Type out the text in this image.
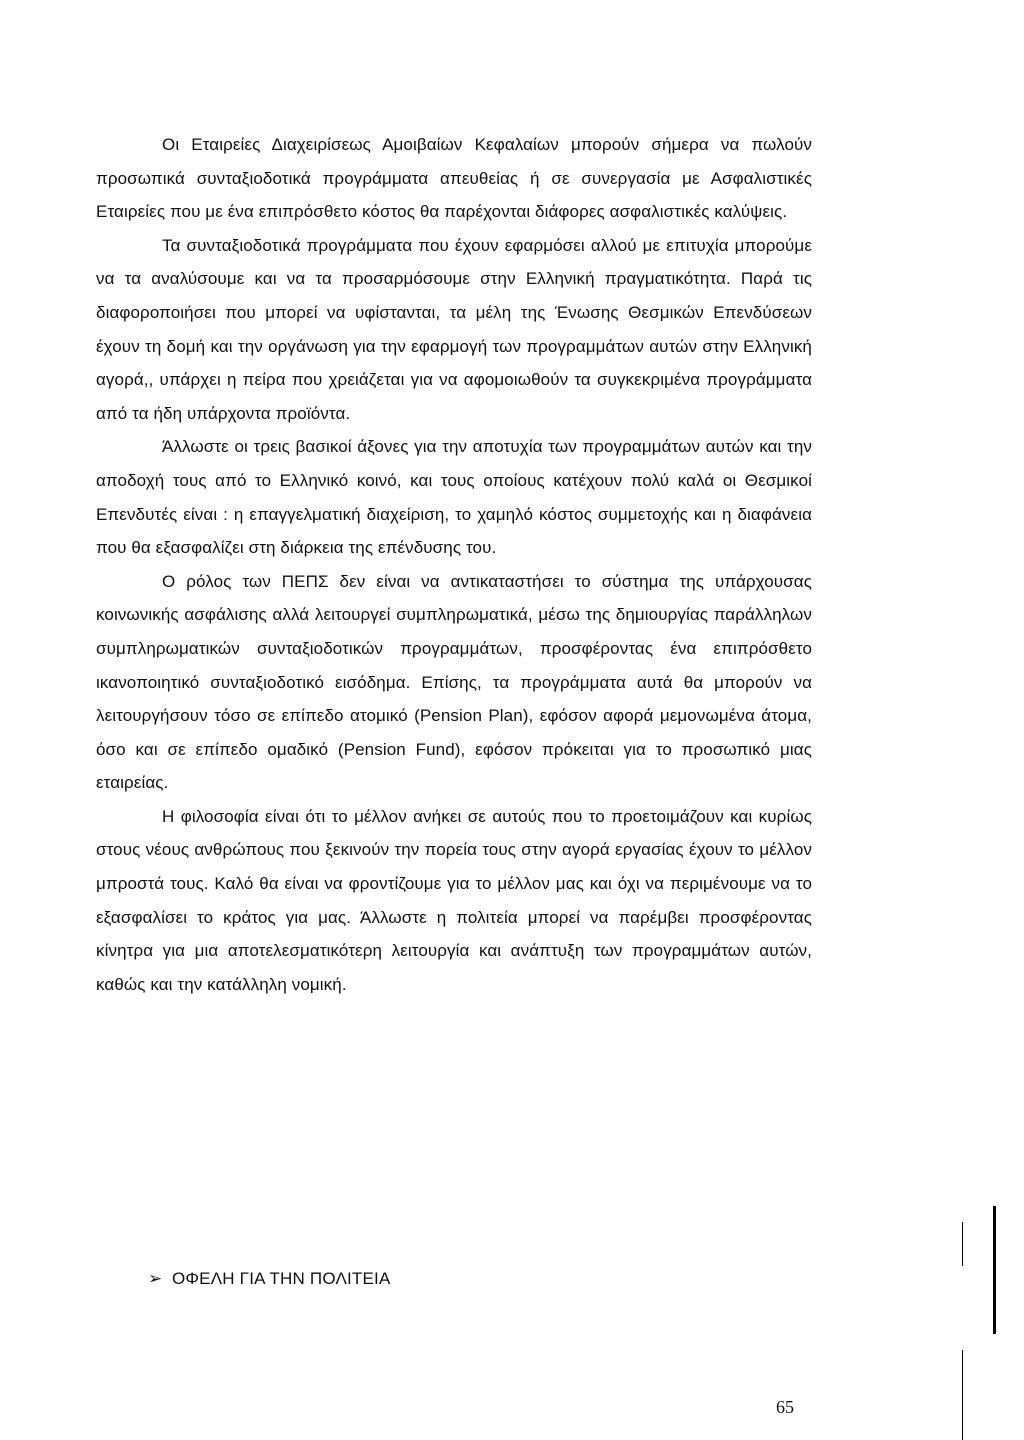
Οι Εταιρείες Διαχειρίσεως Αμοιβαίων Κεφαλαίων μπορούν σήμερα να πωλούν προσωπικά συνταξιοδοτικά προγράμματα απευθείας ή σε συνεργασία με Ασφαλιστικές Εταιρείες που με ένα επιπρόσθετο κόστος θα παρέχονται διάφορες ασφαλιστικές καλύψεις.

Τα συνταξιοδοτικά προγράμματα που έχουν εφαρμόσει αλλού με επιτυχία μπορούμε να τα αναλύσουμε και να τα προσαρμόσουμε στην Ελληνική πραγματικότητα. Παρά τις διαφοροποιήσει που μπορεί να υφίστανται, τα μέλη της Ένωσης Θεσμικών Επενδύσεων έχουν τη δομή και την οργάνωση για την εφαρμογή των προγραμμάτων αυτών στην Ελληνική αγορά,, υπάρχει η πείρα που χρειάζεται για να αφομοιωθούν τα συγκεκριμένα προγράμματα από τα ήδη υπάρχοντα προϊόντα.

Άλλωστε οι τρεις βασικοί άξονες για την αποτυχία των προγραμμάτων αυτών και την αποδοχή τους από το Ελληνικό κοινό, και τους οποίους κατέχουν πολύ καλά οι Θεσμικοί Επενδυτές είναι : η επαγγελματική διαχείριση, το χαμηλό κόστος συμμετοχής και η διαφάνεια που θα εξασφαλίζει στη διάρκεια της επένδυσης του.

Ο ρόλος των ΠΕΠΣ δεν είναι να αντικαταστήσει το σύστημα της υπάρχουσας κοινωνικής ασφάλισης αλλά λειτουργεί συμπληρωματικά, μέσω της δημιουργίας παράλληλων συμπληρωματικών συνταξιοδοτικών προγραμμάτων, προσφέροντας ένα επιπρόσθετο ικανοποιητικό συνταξιοδοτικό εισόδημα. Επίσης, τα προγράμματα αυτά θα μπορούν να λειτουργήσουν τόσο σε επίπεδο ατομικό (Pension Plan), εφόσον αφορά μεμονωμένα άτομα, όσο και σε επίπεδο ομαδικό (Pension Fund), εφόσον πρόκειται για το προσωπικό μιας εταιρείας.

Η φιλοσοφία είναι ότι το μέλλον ανήκει σε αυτούς που το προετοιμάζουν και κυρίως στους νέους ανθρώπους που ξεκινούν την πορεία τους στην αγορά εργασίας έχουν το μέλλον μπροστά τους. Καλό θα είναι να φροντίζουμε για το μέλλον μας και όχι να περιμένουμε να το εξασφαλίσει το κράτος για μας. Άλλωστε η πολιτεία μπορεί να παρέμβει προσφέροντας κίνητρα για μια αποτελεσματικότερη λειτουργία και ανάπτυξη των προγραμμάτων αυτών, καθώς και την κατάλληλη νομική.

➢ ΟΦΕΛΗ ΓΙΑ ΤΗΝ ΠΟΛΙΤΕΙΑ
65
